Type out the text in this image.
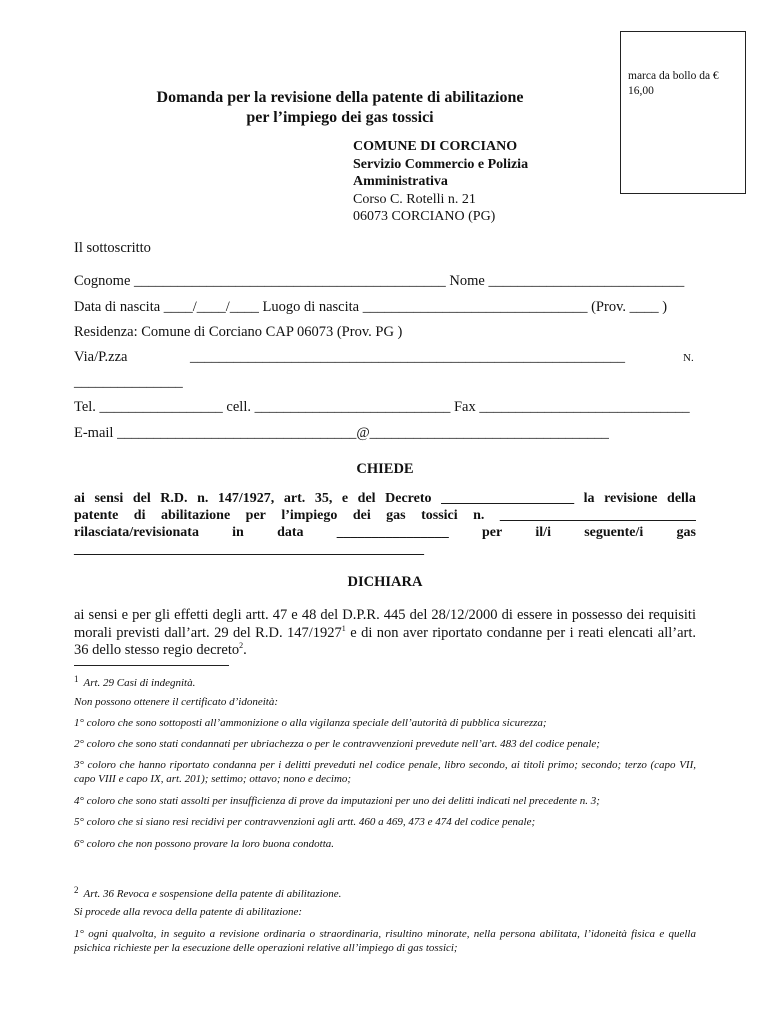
marca da bollo da € 16,00
Domanda per la revisione della patente di abilitazione
per l’impiego dei gas tossici
COMUNE DI CORCIANO
Servizio Commercio e Polizia
Amministrativa
Corso C. Rotelli n. 21
06073 CORCIANO (PG)
Il sottoscritto
Cognome ___________________________________________ Nome ___________________________
Data di nascita ____/____/____ Luogo di nascita _______________________________ (Prov. ____ )
Residenza: Comune di Corciano CAP 06073 (Prov. PG )
Via/P.zza	____________________________________________________________	N.
_______________
Tel. _________________ cell. ___________________________ Fax _____________________________
E-mail _________________________________@_________________________________
CHIEDE
ai sensi del R.D. n. 147/1927, art. 35, e del Decreto ___________________ la revisione della
patente di abilitazione per l’impiego dei gas tossici n. ____________________________
rilasciata/revisionata in data ________________ per il/i seguente/i gas
__________________________________________________
DICHIARA
ai sensi e per gli effetti degli artt. 47 e 48 del D.P.R. 445 del 28/12/2000 di essere in possesso dei requisiti morali previsti dall’art. 29 del R.D. 147/1927$^1$ e di non aver riportato condanne per i reati elencati all’art. 36 dello stesso regio decreto$^2$.
$^1$ Art. 29 Casi di indegnità.
Non possono ottenere il certificato d’idoneità:
1° coloro che sono sottoposti all’ammonizione o alla vigilanza speciale dell’autorità di pubblica sicurezza;
2° coloro che sono stati condannati per ubriachezza o per le contravvenzioni prevedute nell’art. 483 del codice penale;
3° coloro che hanno riportato condanna per i delitti preveduti nel codice penale, libro secondo, ai titoli primo; secondo; terzo (capo VII, capo VIII e capo IX, art. 201); settimo; ottavo; nono e decimo;
4° coloro che sono stati assolti per insufficienza di prove da imputazioni per uno dei delitti indicati nel precedente n. 3;
5° coloro che si siano resi recidivi per contravvenzioni agli artt. 460 a 469, 473 e 474 del codice penale;
6° coloro che non possono provare la loro buona condotta.
$^2$ Art. 36 Revoca e sospensione della patente di abilitazione.
Si procede alla revoca della patente di abilitazione:
1° ogni qualvolta, in seguito a revisione ordinaria o straordinaria, risultino minorate, nella persona abilitata, l’idoneità fisica e quella psichica richieste per la esecuzione delle operazioni relative all’impiego di gas tossici;
